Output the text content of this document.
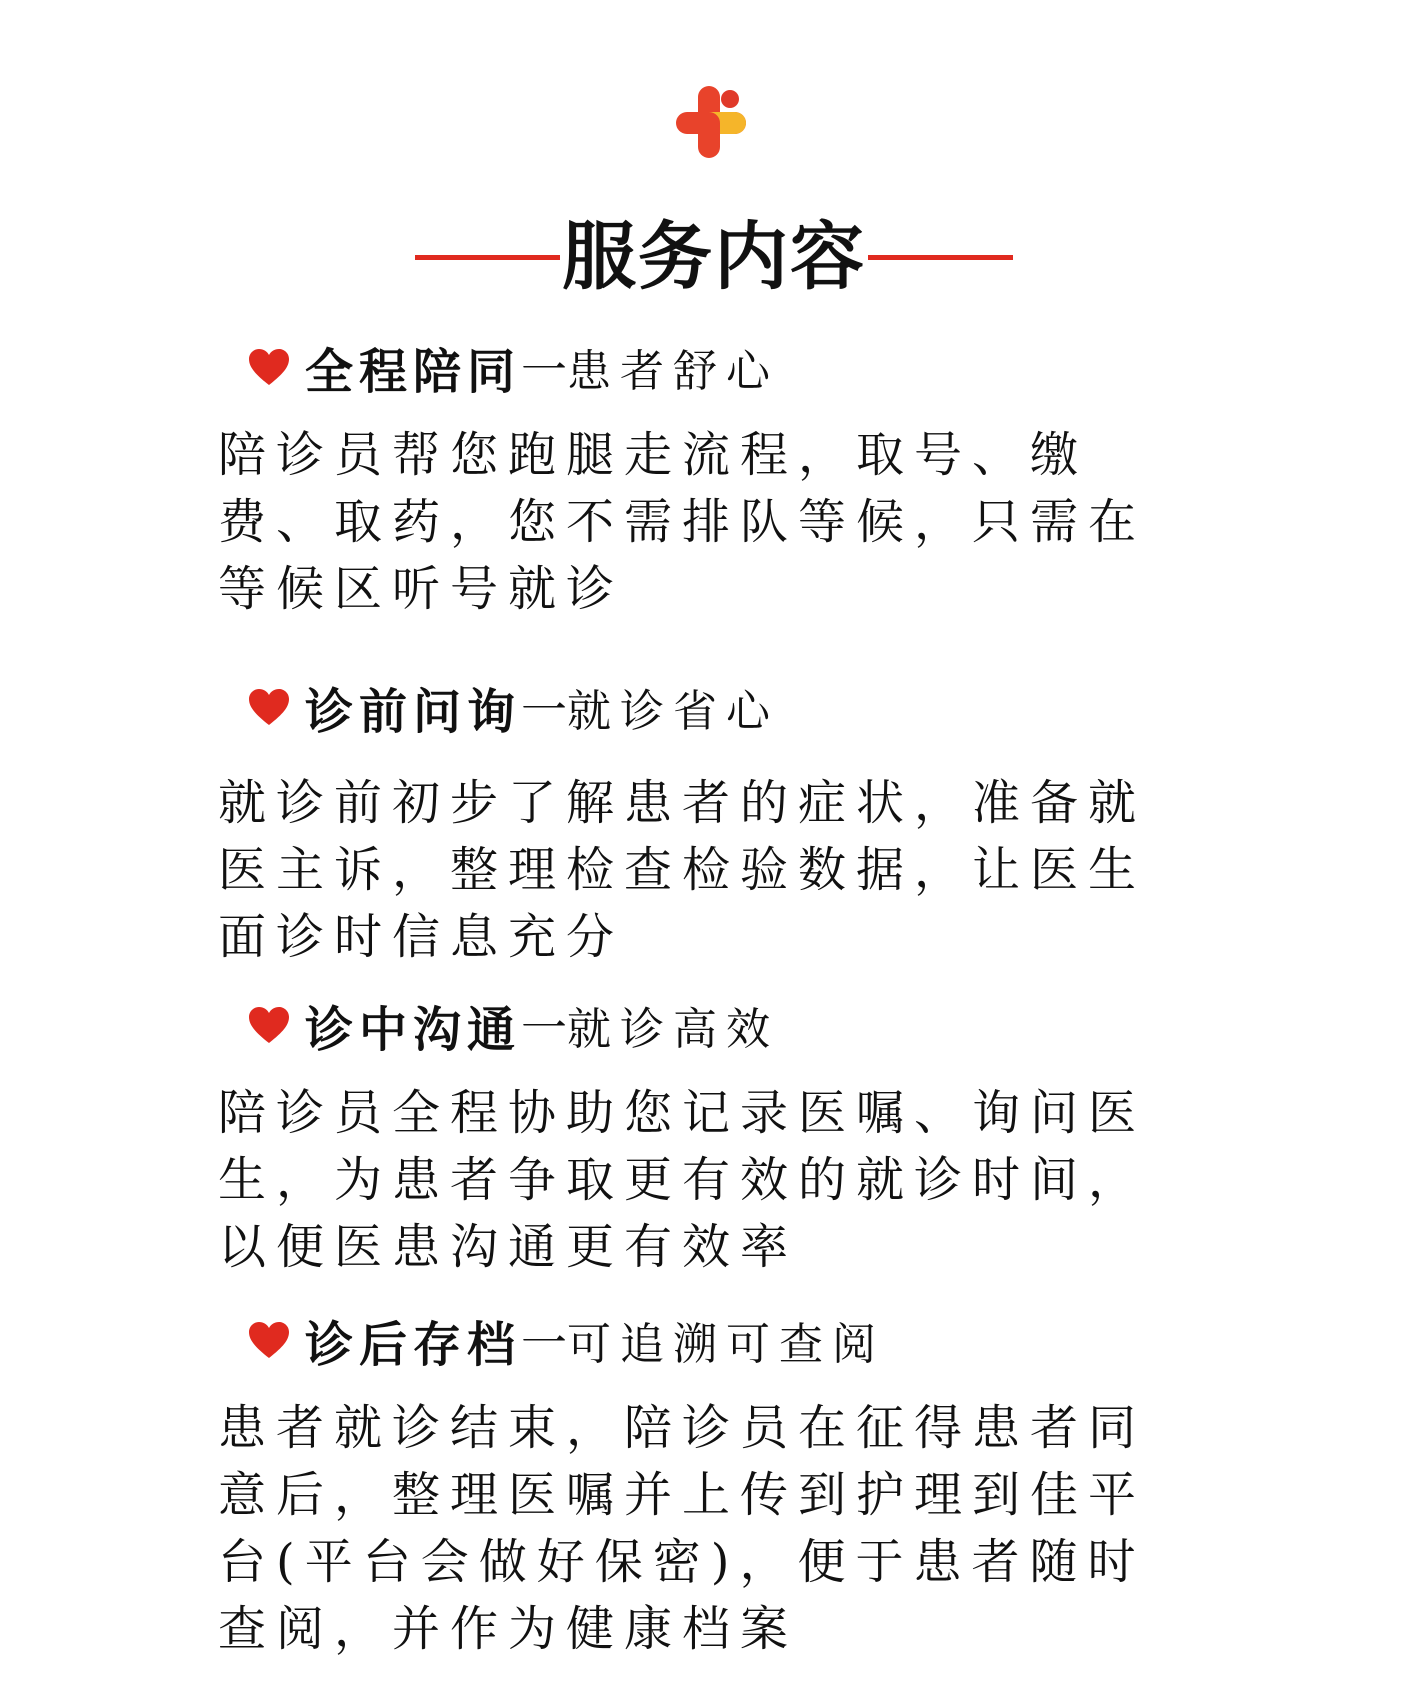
服务内容
全程陪同 一 患者舒心

陪诊员帮您跑腿走流程，取号、缴费、取药，您不需排队等候，只需在等候区听号就诊

诊前问询 一 就诊省心

就诊前初步了解患者的症状，准备就医主诉，整理检查检验数据，让医生面诊时信息充分

诊中沟通 一 就诊高效

陪诊员全程协助您记录医嘱、询问医生，为患者争取更有效的就诊时间，以便医患沟通更有效率

诊后存档 一 可追溯可查阅

患者就诊结束，陪诊员在征得患者同意后，整理医嘱并上传到护理到佳平台(平台会做好保密)，便于患者随时查阅，并作为健康档案
